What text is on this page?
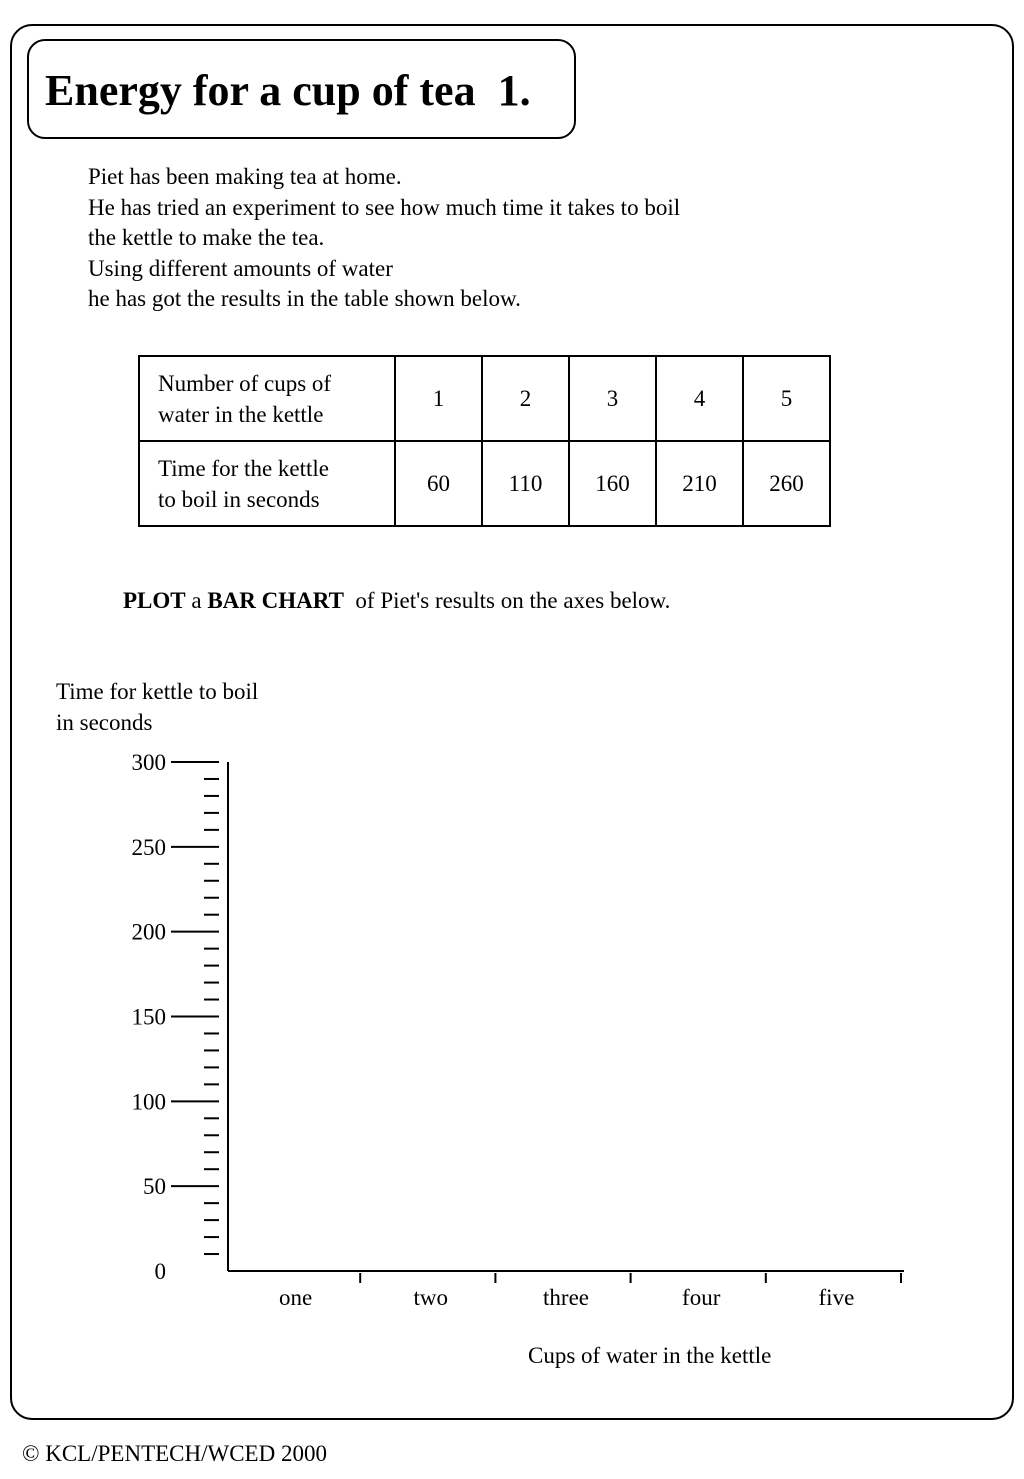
Energy for a cup of tea  1.
Piet has been making tea at home.
He has tried an experiment to see how much time it takes to boil
the kettle to make the tea.
Using different amounts of water
he has got the results in the table shown below.
Number of cups of
water in the kettle	1	2	3	4	5

Time for the kettle
to boil in seconds	60	110	160	210	260
PLOT a BAR CHART  of Piet's results on the axes below.
Time for kettle to boil
in seconds
0
50
100
150
200
250
300
one	two	three	four	five
Cups of water in the kettle
© KCL/PENTECH/WCED 2000
